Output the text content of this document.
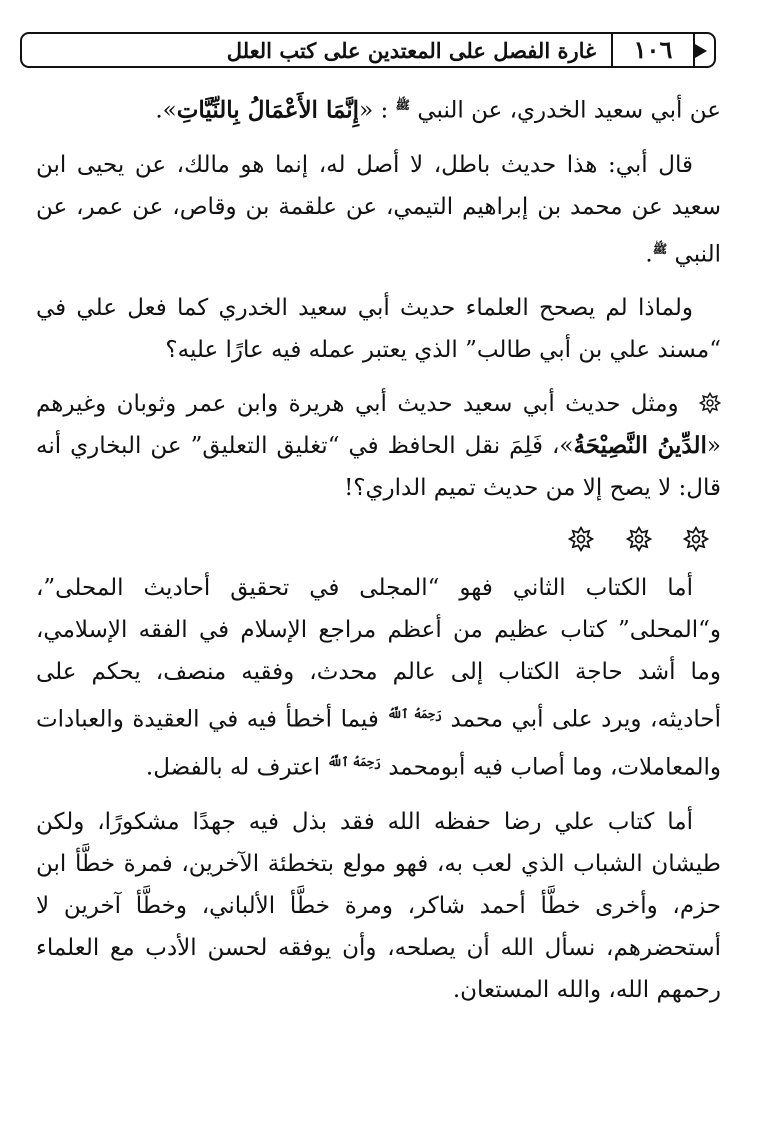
غارة الفصل على المعتدين على كتب العلل	١٠٦

عن أبي سعيد الخدري، عن النبي $^ﷺ$ : «إِنَّمَا الأَعْمَالُ بِالنِّيَّاتِ».

قال أبي: هذا حديث باطل، لا أصل له، إنما هو مالك، عن يحيى ابن سعيد عن محمد بن إبراهيم التيمي، عن علقمة بن وقاص، عن عمر، عن النبي $^ﷺ$.

ولماذا لم يصحح العلماء حديث أبي سعيد الخدري كما فعل علي في “مسند علي بن أبي طالب” الذي يعتبر عمله فيه عارًا عليه؟

ومثل حديث أبي سعيد حديث أبي هريرة وابن عمر وثوبان وغيرهم «الدِّينُ النَّصِيْحَةُ»، فَلِمَ نقل الحافظ في “تغليق التعليق” عن البخاري أنه قال: لا يصح إلا من حديث تميم الداري؟!

أما الكتاب الثاني فهو “المجلى في تحقيق أحاديث المحلى”، و“المحلى” كتاب عظيم من أعظم مراجع الإسلام في الفقه الإسلامي، وما أشد حاجة الكتاب إلى عالم محدث، وفقيه منصف، يحكم على أحاديثه، ويرد على أبي محمد $^{رَحِمَهُ ٱللَّهُ}$ فيما أخطأ فيه في العقيدة والعبادات والمعاملات، وما أصاب فيه أبومحمد $^{رَحِمَهُ ٱللَّهُ}$ اعترف له بالفضل.

أما كتاب علي رضا حفظه الله فقد بذل فيه جهدًا مشكورًا، ولكن طيشان الشباب الذي لعب به، فهو مولع بتخطئة الآخرين، فمرة خطَّأ ابن حزم، وأخرى خطَّأ أحمد شاكر، ومرة خطَّأ الألباني، وخطَّأ آخرين لا أستحضرهم، نسأل الله أن يصلحه، وأن يوفقه لحسن الأدب مع العلماء رحمهم الله، والله المستعان.
